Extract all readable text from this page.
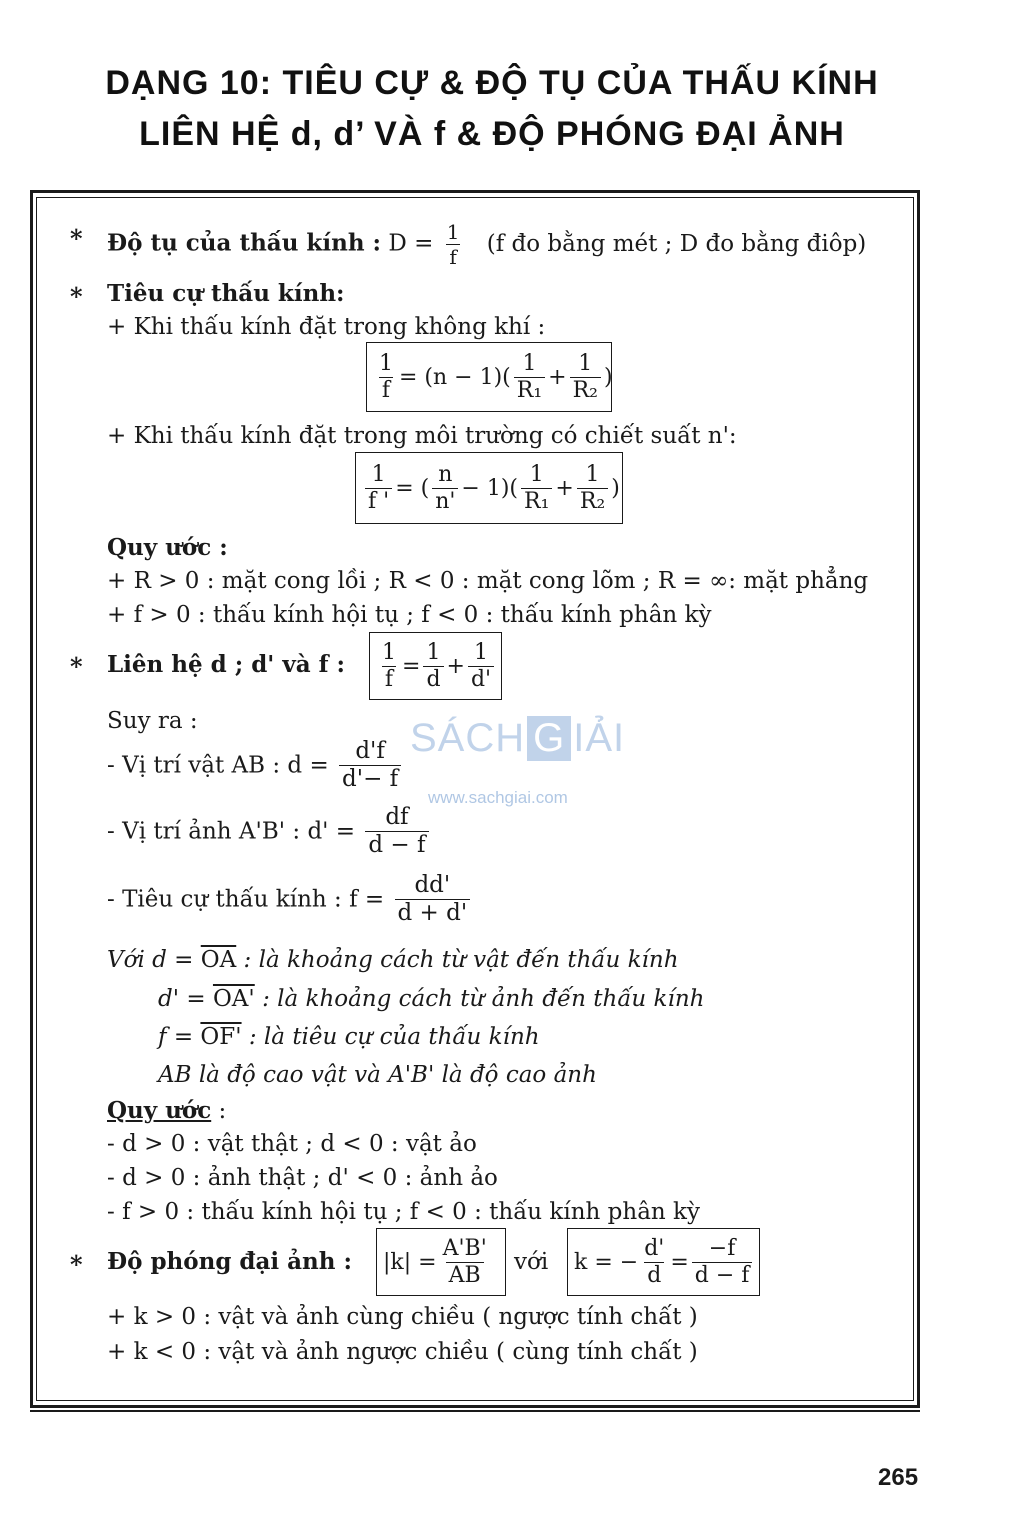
DẠNG 10: TIÊU CỰ & ĐỘ TỤ CỦA THẤU KÍNH
LIÊN HỆ d, d’ VÀ f & ĐỘ PHÓNG ĐẠI ẢNH
* Độ tụ của thấu kính : $D = \frac{1}{f} (f$ đo bằng mét ; D đo bằng điôp)
* Tiêu cự thấu kính:
+ Khi thấu kính đặt trong không khí :
$\frac{1}{f} = (n - 1)( \frac{1}{\text{R₁}} + \frac{1}{\text{R₂}}$ )
+ Khi thấu kính đặt trong môi trường có chiết suất n':
$\frac{1}{f '}$ = ( $\frac{n}{n'} - 1)( \frac{1}{\text{R₁}} + \frac{1}{\text{R₂}}$ )
Quy ước :
+ R > 0 : mặt cong lồi ; R < 0 : mặt cong lõm ; R = ∞: mặt phẳng
+ f > 0 : thấu kính hội tụ ; f < 0 : thấu kính phân kỳ
* Liên hệ d ; d' và f : $\frac{1}{f} = \frac{1}{d} + \frac{1}{d'}$
Suy ra :
- Vị trí vật AB : $d = \frac{d'f}{d'- f}$
- Vị trí ảnh A'B' : $d' = \frac{df}{d - f}$
- Tiêu cự thấu kính : $f = \frac{dd'}{d + d'}$
Với $d = \overline{OA}$ : là khoảng cách từ vật đến thấu kính
d' = OA' : là khoảng cách từ ảnh đến thấu kính
f = OF' : là tiêu cự của thấu kính
AB là độ cao vật và A'B' là độ cao ảnh
Quy ước :
- d > 0 : vật thật ; d < 0 : vật ảo
- d > 0 : ảnh thật ; d' < 0 : ảnh ảo
- f > 0 : thấu kính hội tụ ; f < 0 : thấu kính phân kỳ
* Độ phóng đại ảnh : $|k| = \frac{A'B'}{AB}$ với k = − $\frac{d'}{d} = \frac{-f}{d - f}$
+ k > 0 : vật và ảnh cùng chiều ( ngược tính chất )
+ k < 0 : vật và ảnh ngược chiều ( cùng tính chất )
SÁCH G IẢI
www.sachgiai.com
265
